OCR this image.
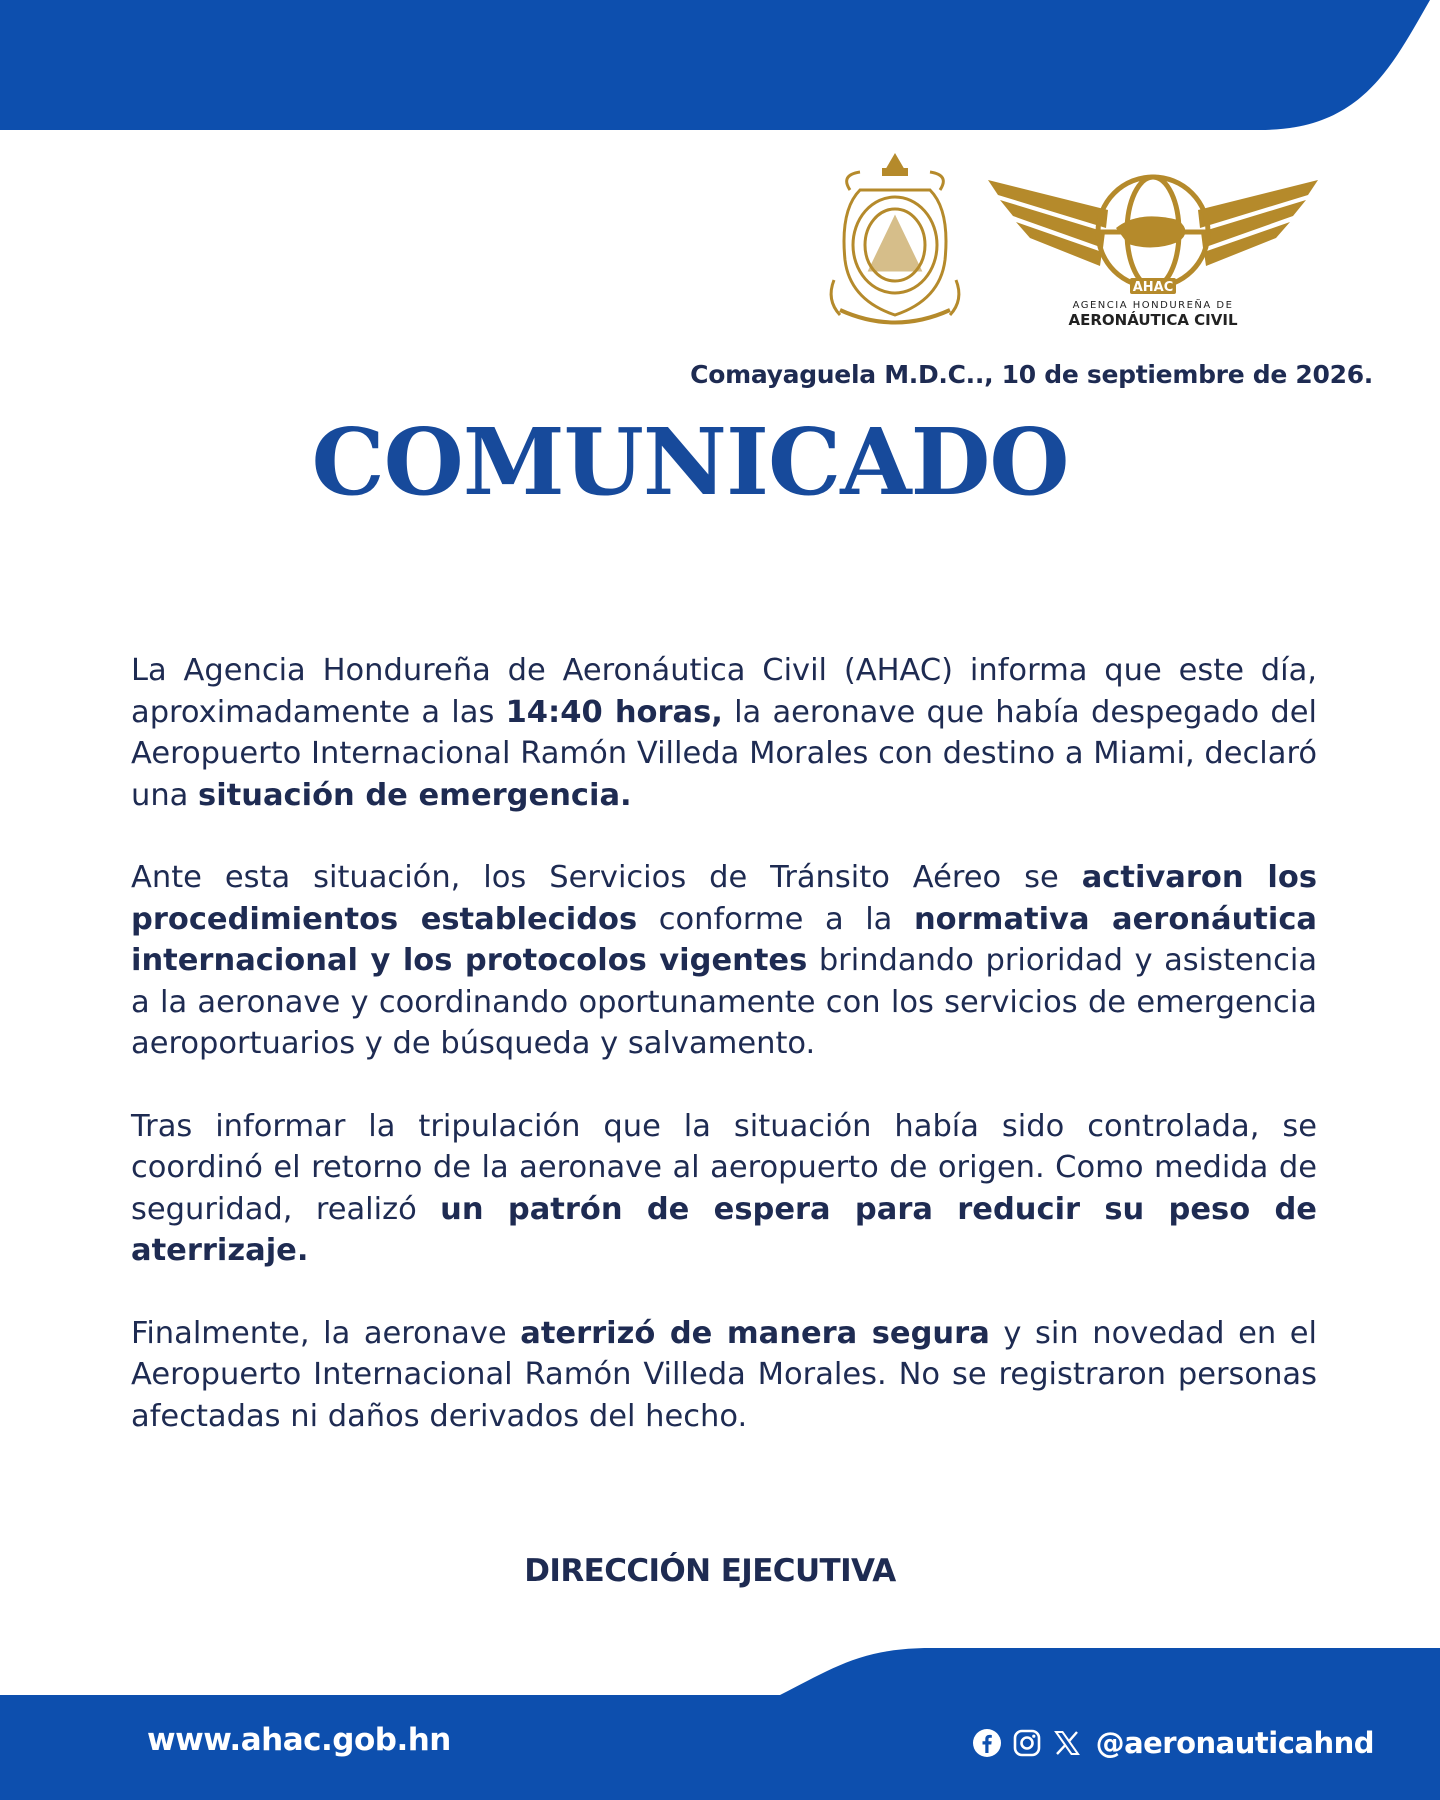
AHAC
AGENCIA HONDUREÑA DE
AERONÁUTICA CIVIL
Comayaguela M.D.C.., 10 de septiembre de 2026.
COMUNICADO

La Agencia Hondureña de Aeronáutica Civil (AHAC) informa que este día, aproximadamente a las 14:40 horas, la aeronave que había despegado del Aeropuerto Internacional Ramón Villeda Morales con destino a Miami, declaró una situación de emergencia.

Ante esta situación, los Servicios de Tránsito Aéreo se activaron los procedimientos establecidos conforme a la normativa aeronáutica internacional y los protocolos vigentes brindando prioridad y asistencia a la aeronave y coordinando oportunamente con los servicios de emergencia aeroportuarios y de búsqueda y salvamento.

Tras informar la tripulación que la situación había sido controlada, se coordinó el retorno de la aeronave al aeropuerto de origen. Como medida de seguridad, realizó un patrón de espera para reducir su peso de aterrizaje.

Finalmente, la aeronave aterrizó de manera segura y sin novedad en el Aeropuerto Internacional Ramón Villeda Morales. No se registraron personas afectadas ni daños derivados del hecho.

DIRECCIÓN EJECUTIVA
www.ahac.gob.hn	@aeronauticahnd
